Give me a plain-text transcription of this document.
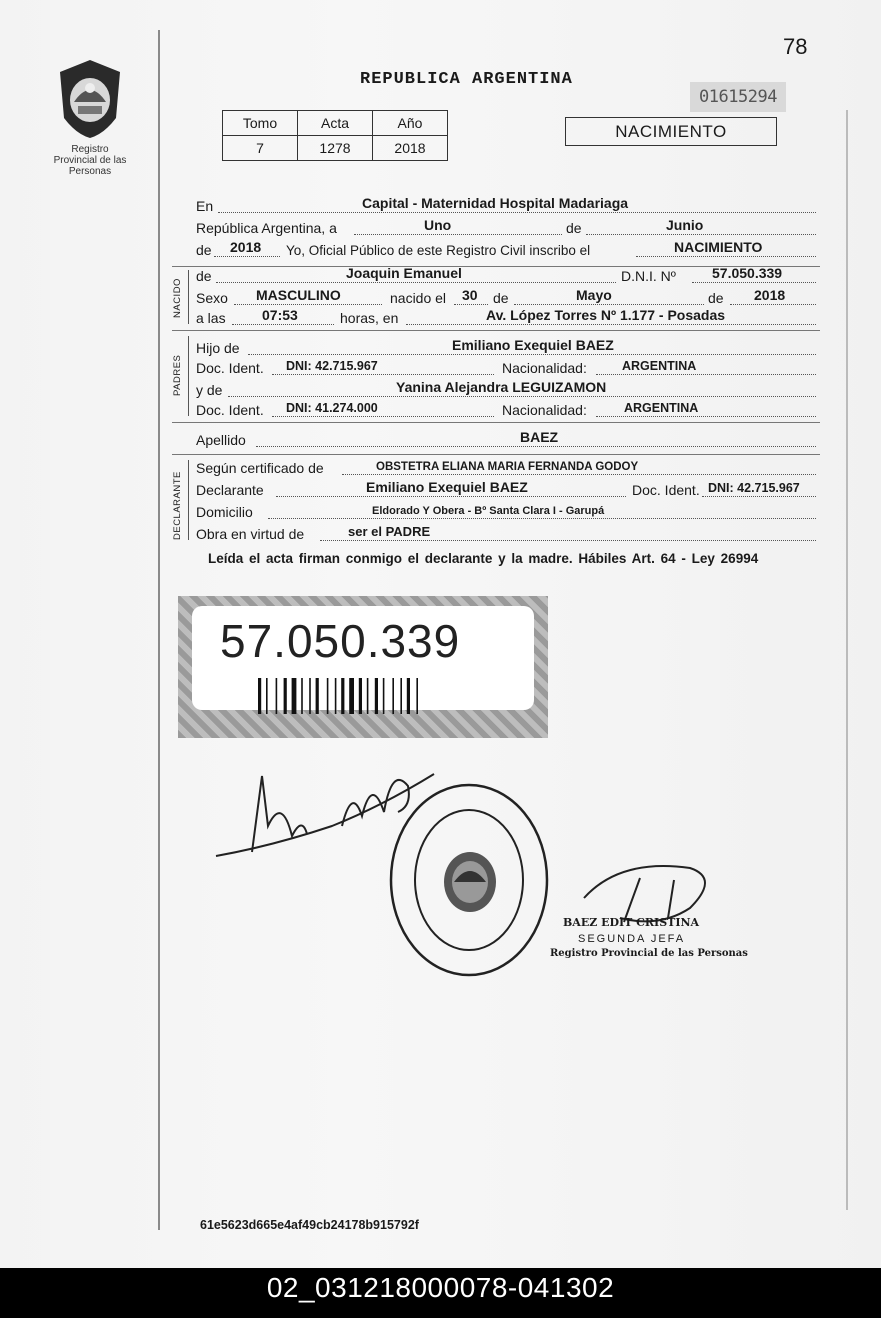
Registro Provincial de las Personas
78
REPUBLICA ARGENTINA
01615294
Tomo	Acta	Año
7	1278	2018
NACIMIENTO
En	Capital - Maternidad Hospital Madariaga
República Argentina, a	Uno	de	Junio
de 2018 Yo, Oficial Público de este Registro Civil inscribo el	NACIMIENTO
NACIDO
de	Joaquin Emanuel	D.N.I. Nº	57.050.339
Sexo MASCULINO	nacido el 30 de	Mayo	de 2018
a las	07:53	horas, en	Av. López Torres Nº 1.177 - Posadas
PADRES
Hijo de	Emiliano Exequiel BAEZ
Doc. Ident. DNI: 42.715.967	Nacionalidad:	ARGENTINA
y de	Yanina Alejandra LEGUIZAMON
Doc. Ident. DNI: 41.274.000	Nacionalidad:	ARGENTINA
Apellido	BAEZ
DECLARANTE
Según certificado de	OBSTETRA ELIANA MARIA FERNANDA GODOY
Declarante	Emiliano Exequiel BAEZ	Doc. Ident. DNI: 42.715.967
Domicilio	Eldorado Y Obera - Bº Santa Clara I - Garupá
Obra en virtud de	ser el PADRE
Leída el acta firman conmigo el declarante y la madre. Hábiles Art. 64 - Ley 26994
57.050.339
BAEZ EDIT CRISTINA
SEGUNDA JEFA
Registro Provincial de las Personas
61e5623d665e4af49cb24178b915792f
02_031218000078-041302
